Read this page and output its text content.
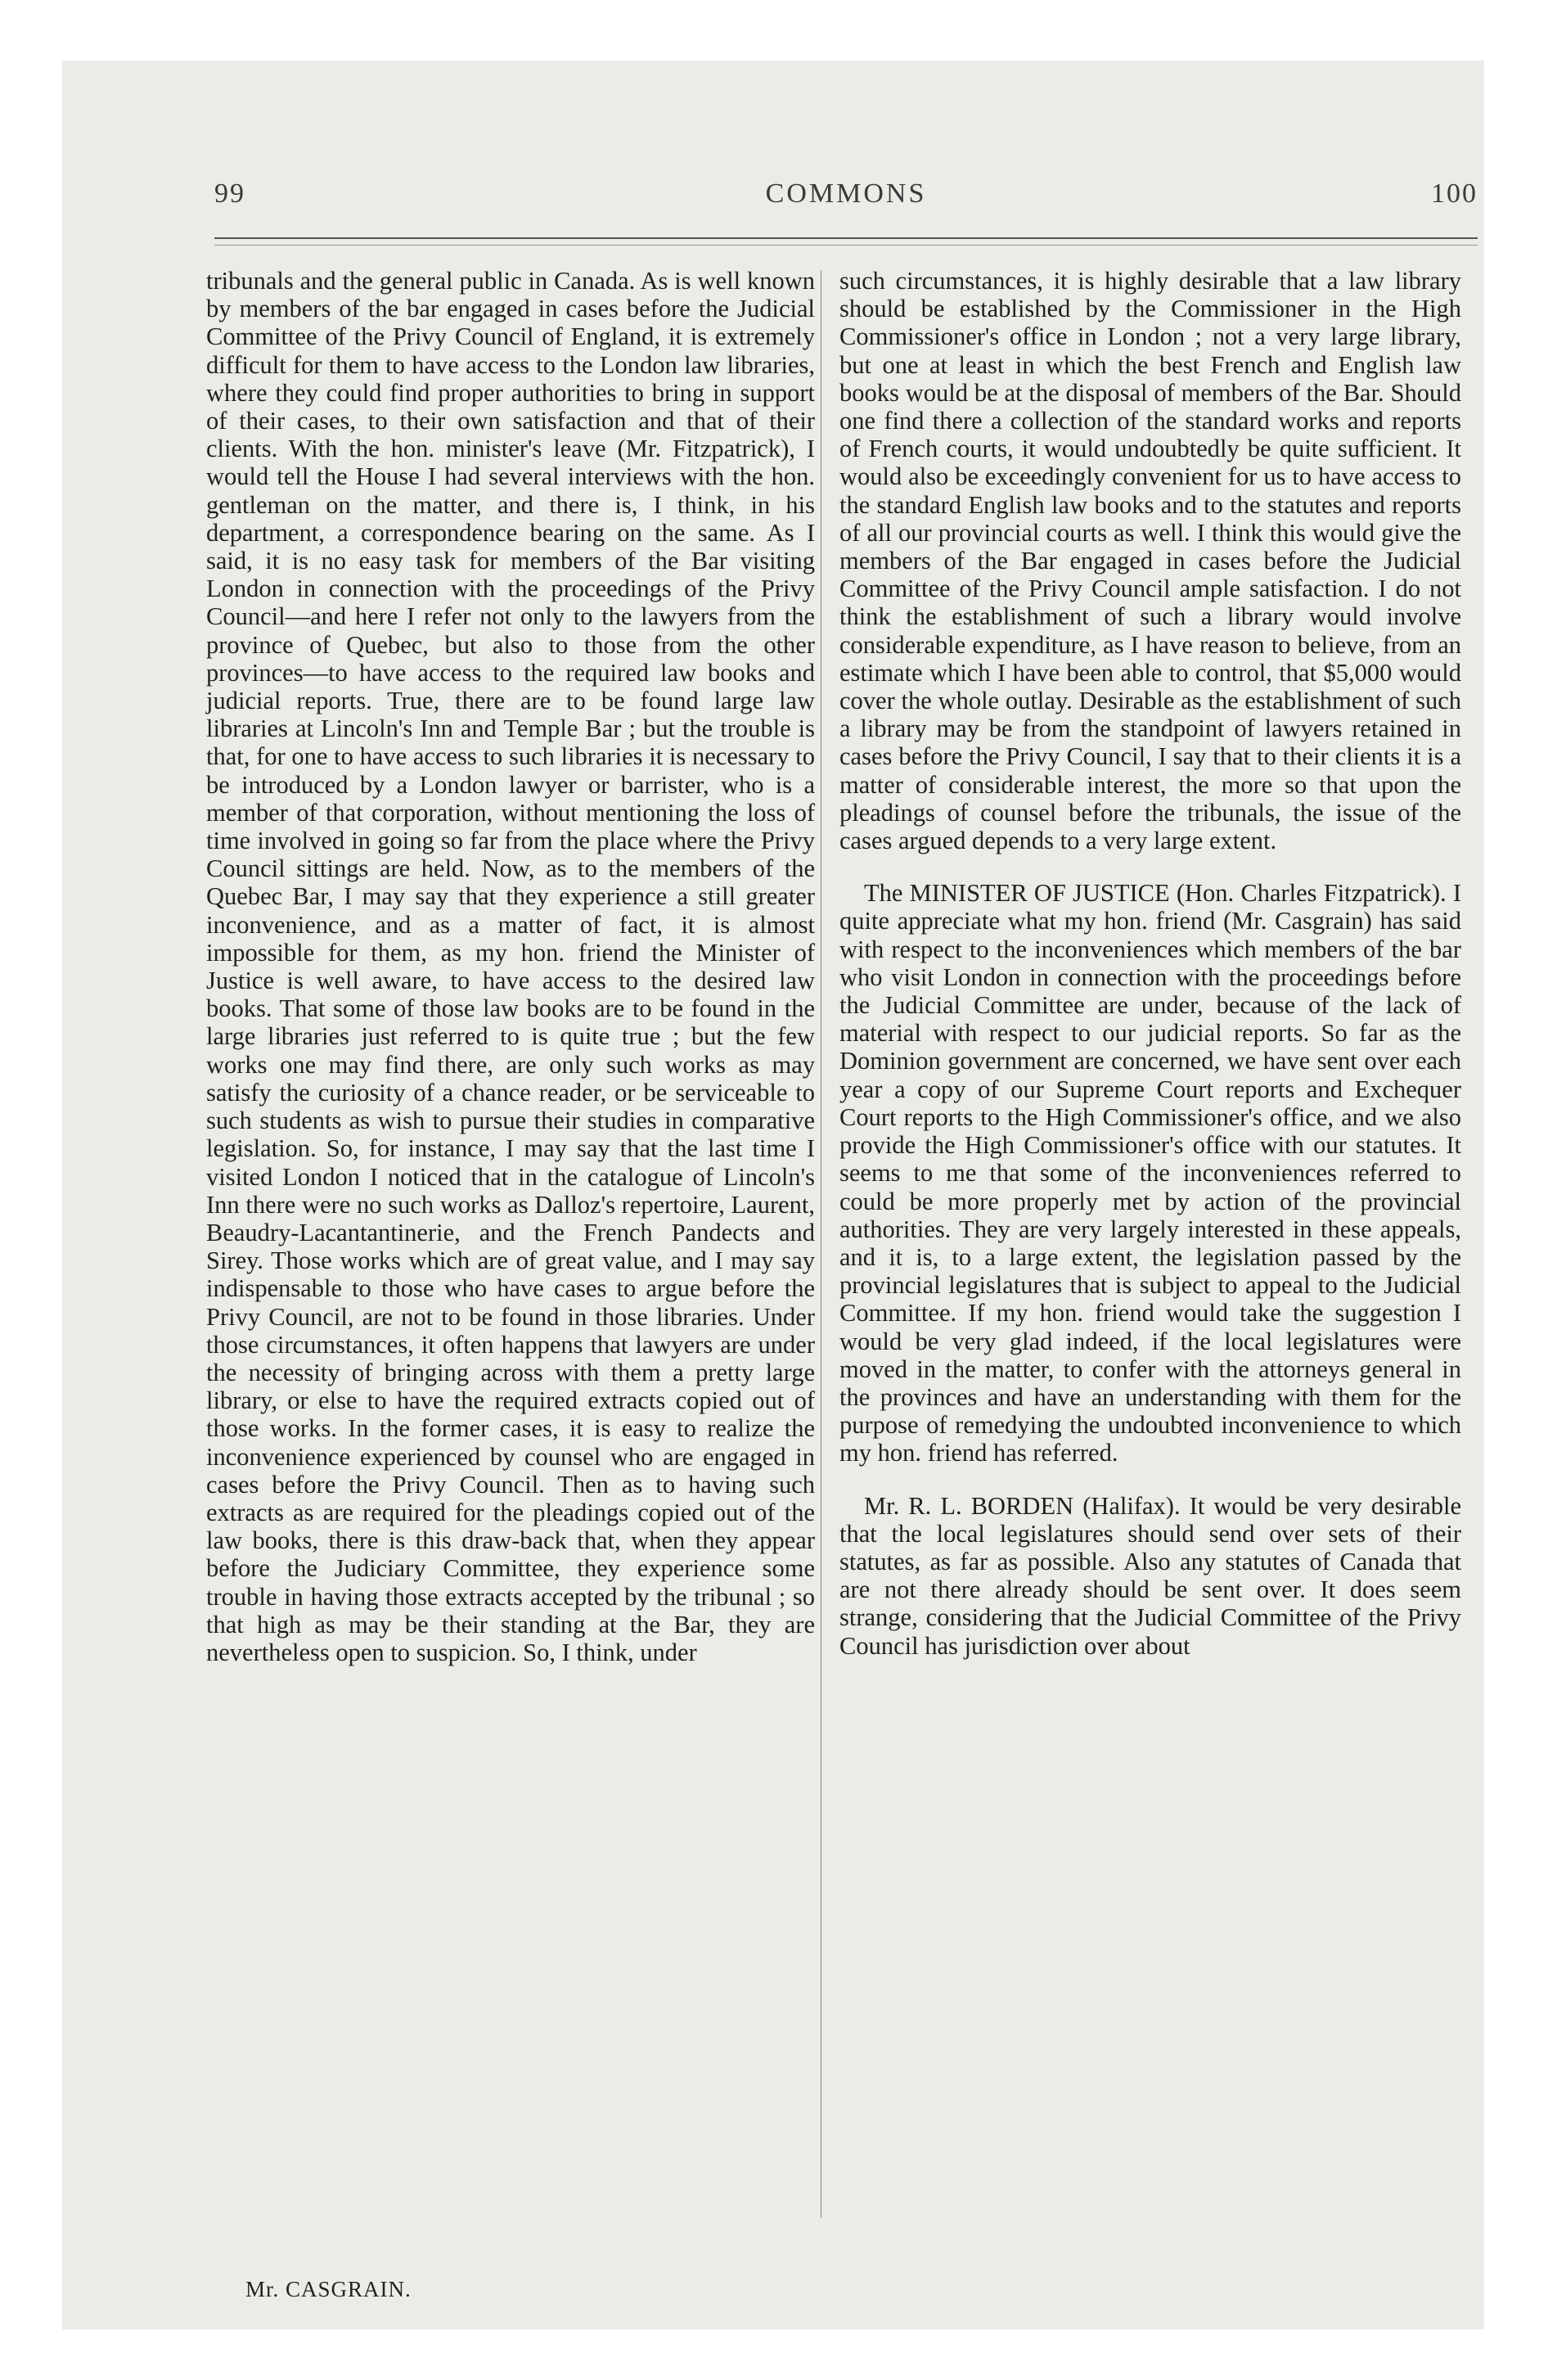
99	COMMONS	100

tribunals and the general public in Canada. As is well known by members of the bar engaged in cases before the Judicial Committee of the Privy Council of England, it is extremely difficult for them to have access to the London law libraries, where they could find proper authorities to bring in support of their cases, to their own satisfaction and that of their clients. With the hon. minister's leave (Mr. Fitzpatrick), I would tell the House I had several interviews with the hon. gentleman on the matter, and there is, I think, in his department, a correspondence bearing on the same. As I said, it is no easy task for members of the Bar visiting London in connection with the proceedings of the Privy Council—and here I refer not only to the lawyers from the province of Quebec, but also to those from the other provinces—to have access to the required law books and judicial reports. True, there are to be found large law libraries at Lincoln's Inn and Temple Bar ; but the trouble is that, for one to have access to such libraries it is necessary to be introduced by a London lawyer or barrister, who is a member of that corporation, without mentioning the loss of time involved in going so far from the place where the Privy Council sittings are held. Now, as to the members of the Quebec Bar, I may say that they experience a still greater inconvenience, and as a matter of fact, it is almost impossible for them, as my hon. friend the Minister of Justice is well aware, to have access to the desired law books. That some of those law books are to be found in the large libraries just referred to is quite true ; but the few works one may find there, are only such works as may satisfy the curiosity of a chance reader, or be serviceable to such students as wish to pursue their studies in comparative legislation. So, for instance, I may say that the last time I visited London I noticed that in the catalogue of Lincoln's Inn there were no such works as Dalloz's repertoire, Laurent, Beaudry-Lacantantinerie, and the French Pandects and Sirey. Those works which are of great value, and I may say indispensable to those who have cases to argue before the Privy Council, are not to be found in those libraries. Under those circumstances, it often happens that lawyers are under the necessity of bringing across with them a pretty large library, or else to have the required extracts copied out of those works. In the former cases, it is easy to realize the inconvenience experienced by counsel who are engaged in cases before the Privy Council. Then as to having such extracts as are required for the pleadings copied out of the law books, there is this draw-back that, when they appear before the Judiciary Committee, they experience some trouble in having those extracts accepted by the tribunal ; so that high as may be their standing at the Bar, they are nevertheless open to suspicion. So, I think, under

such circumstances, it is highly desirable that a law library should be established by the Commissioner in the High Commissioner's office in London ; not a very large library, but one at least in which the best French and English law books would be at the disposal of members of the Bar. Should one find there a collection of the standard works and reports of French courts, it would undoubtedly be quite sufficient. It would also be exceedingly convenient for us to have access to the standard English law books and to the statutes and reports of all our provincial courts as well. I think this would give the members of the Bar engaged in cases before the Judicial Committee of the Privy Council ample satisfaction. I do not think the establishment of such a library would involve considerable expenditure, as I have reason to believe, from an estimate which I have been able to control, that $5,000 would cover the whole outlay. Desirable as the establishment of such a library may be from the standpoint of lawyers retained in cases before the Privy Council, I say that to their clients it is a matter of considerable interest, the more so that upon the pleadings of counsel before the tribunals, the issue of the cases argued depends to a very large extent.

The MINISTER OF JUSTICE (Hon. Charles Fitzpatrick). I quite appreciate what my hon. friend (Mr. Casgrain) has said with respect to the inconveniences which members of the bar who visit London in connection with the proceedings before the Judicial Committee are under, because of the lack of material with respect to our judicial reports. So far as the Dominion government are concerned, we have sent over each year a copy of our Supreme Court reports and Exchequer Court reports to the High Commissioner's office, and we also provide the High Commissioner's office with our statutes. It seems to me that some of the inconveniences referred to could be more properly met by action of the provincial authorities. They are very largely interested in these appeals, and it is, to a large extent, the legislation passed by the provincial legislatures that is subject to appeal to the Judicial Committee. If my hon. friend would take the suggestion I would be very glad indeed, if the local legislatures were moved in the matter, to confer with the attorneys general in the provinces and have an understanding with them for the purpose of remedying the undoubted inconvenience to which my hon. friend has referred.

Mr. R. L. BORDEN (Halifax). It would be very desirable that the local legislatures should send over sets of their statutes, as far as possible. Also any statutes of Canada that are not there already should be sent over. It does seem strange, considering that the Judicial Committee of the Privy Council has jurisdiction over about

Mr. CASGRAIN.
